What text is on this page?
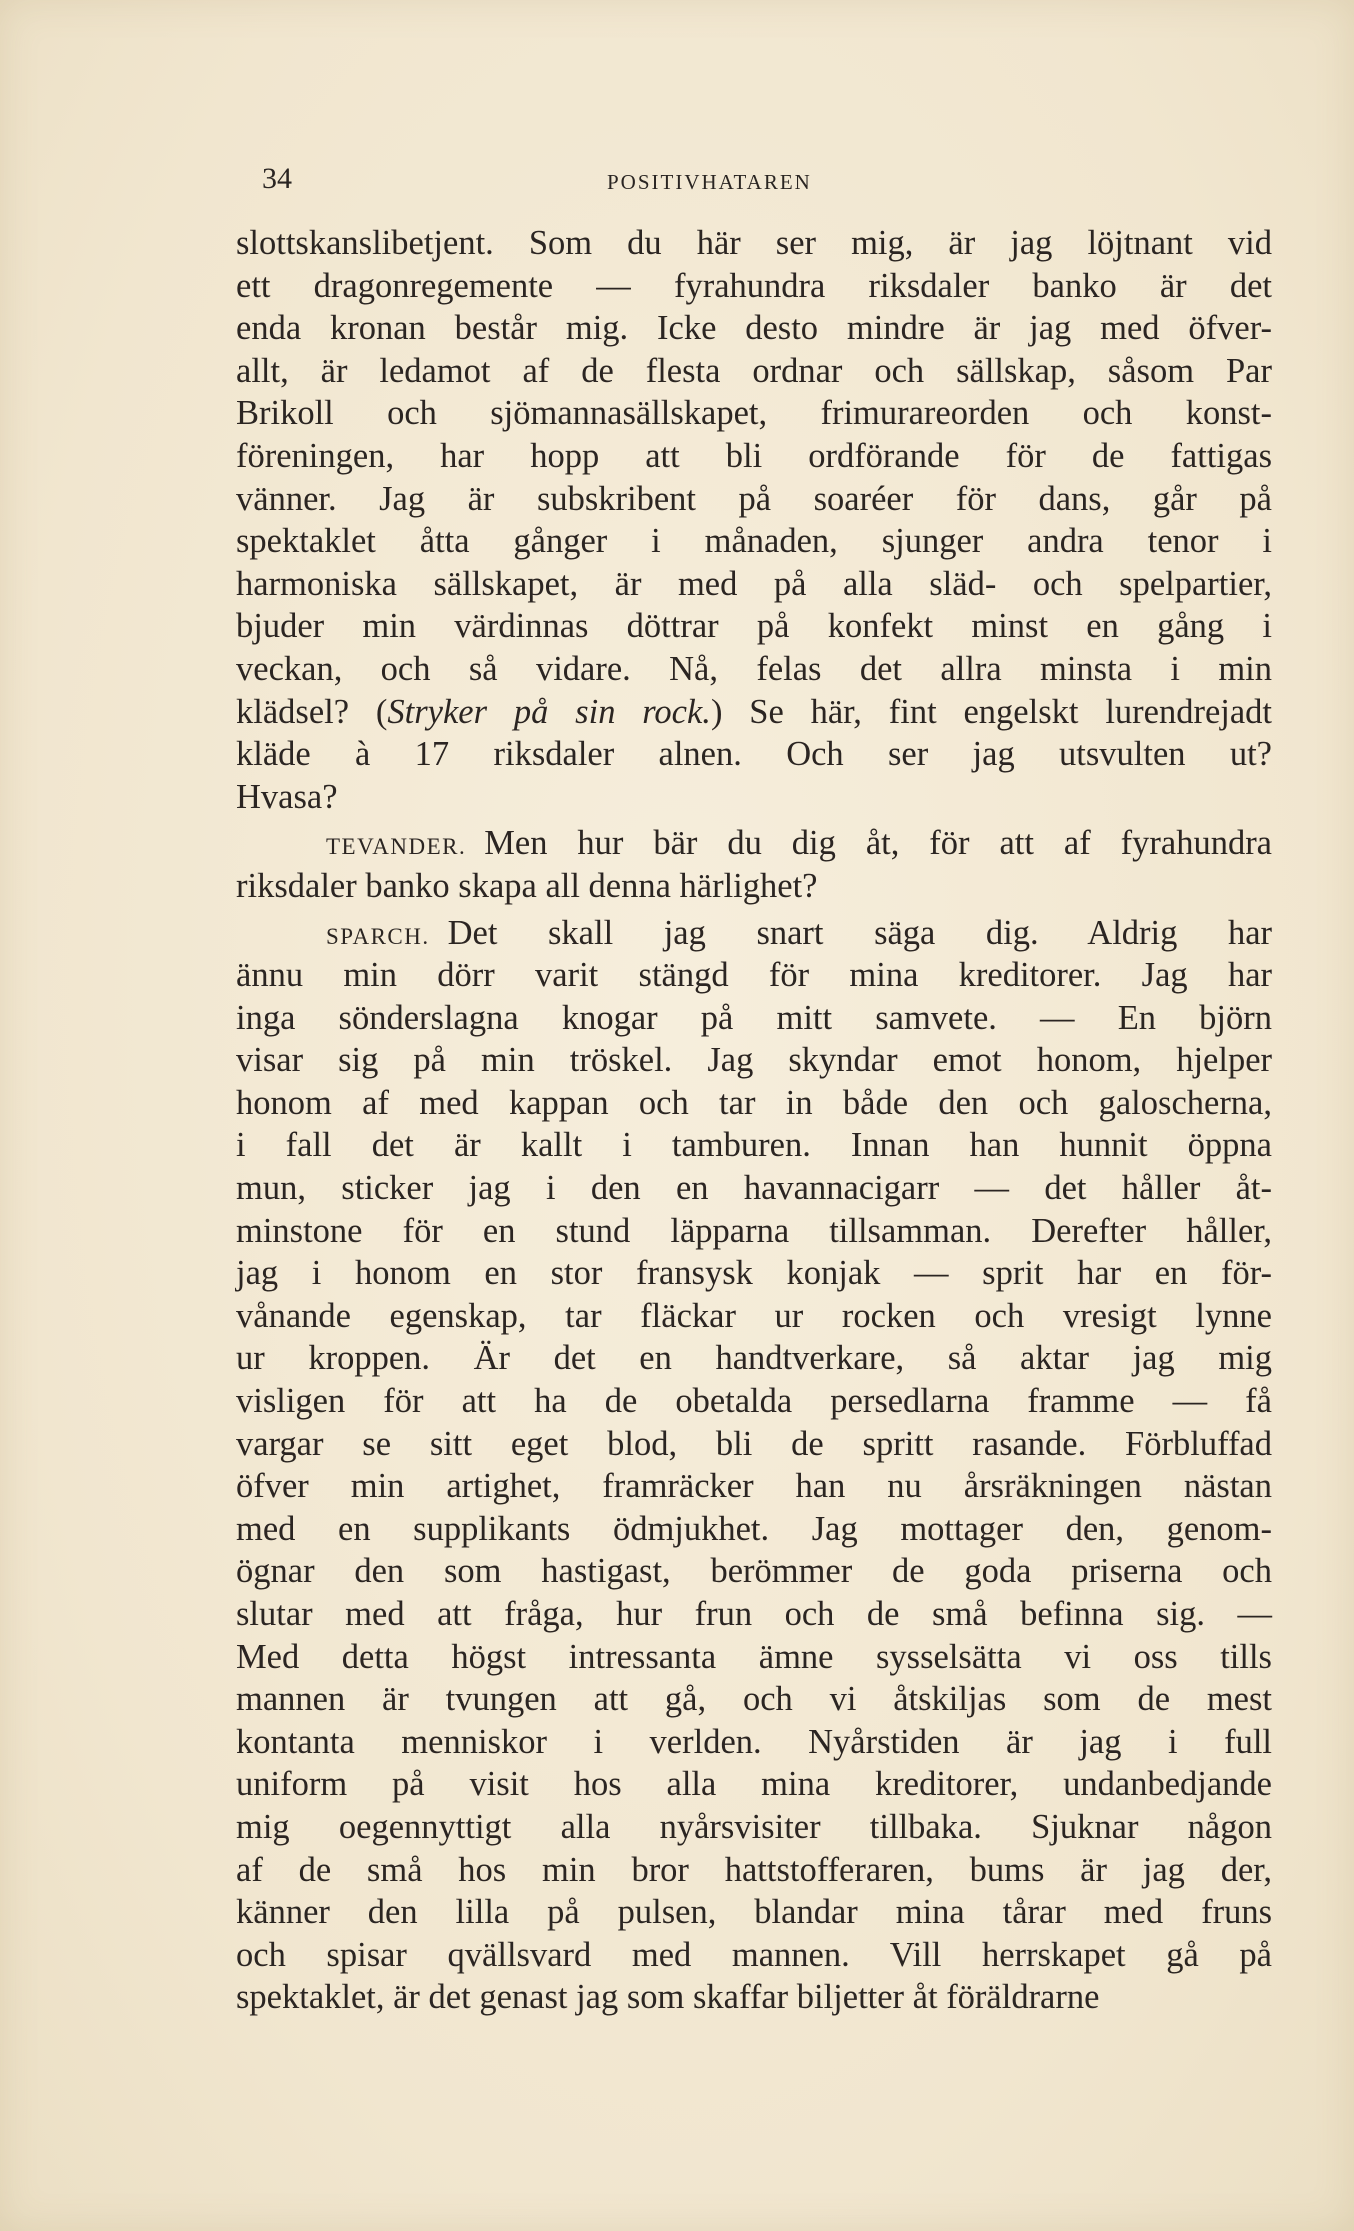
34	POSITIVHATAREN
slottskanslibetjent. Som du här ser mig, är jag löjtnant vid
ett dragonregemente — fyrahundra riksdaler banko är det
enda kronan består mig. Icke desto mindre är jag med öfver-
allt, är ledamot af de flesta ordnar och sällskap, såsom Par
Brikoll och sjömannasällskapet, frimurareorden och konst-
föreningen, har hopp att bli ordförande för de fattigas
vänner. Jag är subskribent på soaréer för dans, går på
spektaklet åtta gånger i månaden, sjunger andra tenor i
harmoniska sällskapet, är med på alla släd- och spelpartier,
bjuder min värdinnas döttrar på konfekt minst en gång i
veckan, och så vidare. Nå, felas det allra minsta i min
klädsel? (Stryker på sin rock.) Se här, fint engelskt lurendrejadt
kläde à 17 riksdaler alnen. Och ser jag utsvulten ut?
Hvasa?
TEVANDER. Men hur bär du dig åt, för att af fyrahundra
riksdaler banko skapa all denna härlighet?
SPARCH. Det skall jag snart säga dig. Aldrig har
ännu min dörr varit stängd för mina kreditorer. Jag har
inga sönderslagna knogar på mitt samvete. — En björn
visar sig på min tröskel. Jag skyndar emot honom, hjelper
honom af med kappan och tar in både den och galoscherna,
i fall det är kallt i tamburen. Innan han hunnit öppna
mun, sticker jag i den en havannacigarr — det håller åt-
minstone för en stund läpparna tillsamman. Derefter håller,
jag i honom en stor fransysk konjak — sprit har en för-
vånande egenskap, tar fläckar ur rocken och vresigt lynne
ur kroppen. Är det en handtverkare, så aktar jag mig
visligen för att ha de obetalda persedlarna framme — få
vargar se sitt eget blod, bli de spritt rasande. Förbluffad
öfver min artighet, framräcker han nu årsräkningen nästan
med en supplikants ödmjukhet. Jag mottager den, genom-
ögnar den som hastigast, berömmer de goda priserna och
slutar med att fråga, hur frun och de små befinna sig. —
Med detta högst intressanta ämne sysselsätta vi oss tills
mannen är tvungen att gå, och vi åtskiljas som de mest
kontanta menniskor i verlden. Nyårstiden är jag i full
uniform på visit hos alla mina kreditorer, undanbedjande
mig oegennyttigt alla nyårsvisiter tillbaka. Sjuknar någon
af de små hos min bror hattstofferaren, bums är jag der,
känner den lilla på pulsen, blandar mina tårar med fruns
och spisar qvällsvard med mannen. Vill herrskapet gå på
spektaklet, är det genast jag som skaffar biljetter åt föräldrarne
